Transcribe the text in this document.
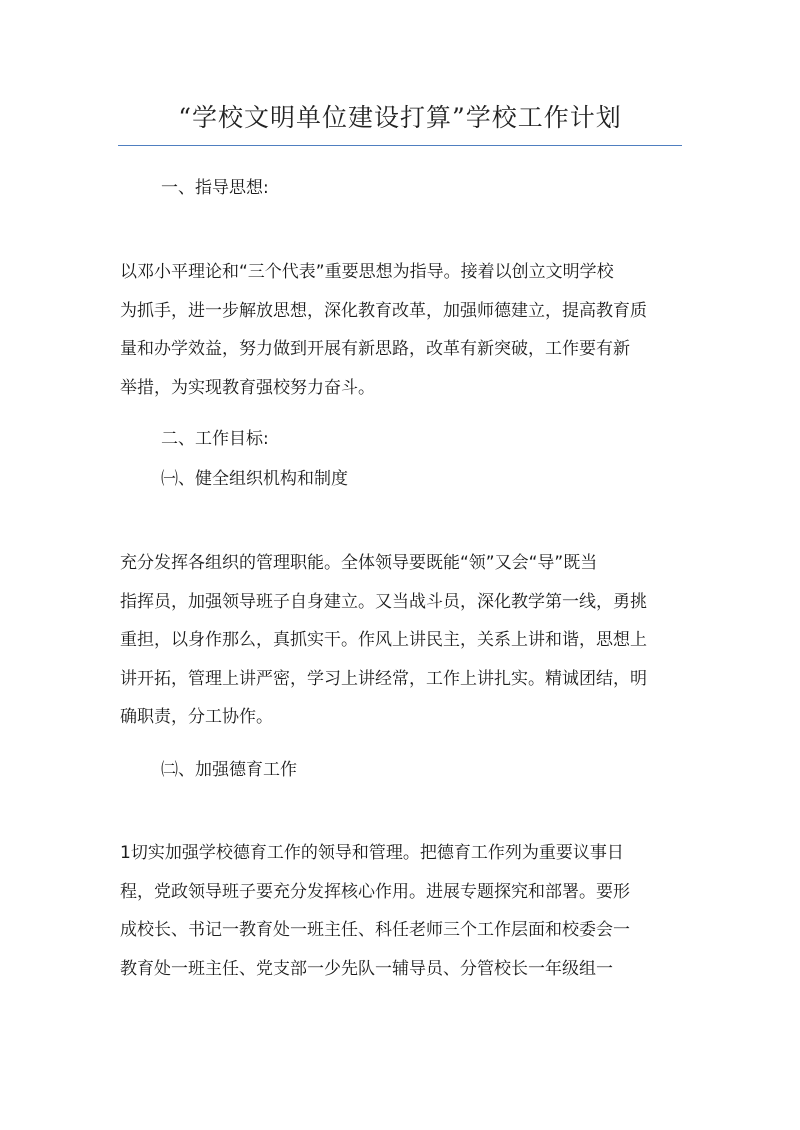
“学校文明单位建设打算”学校工作计划
一、指导思想:
以邓小平理论和“三个代表”重要思想为指导。接着以创立文明学校
为抓手，进一步解放思想，深化教育改革，加强师德建立，提高教育质
量和办学效益，努力做到开展有新思路，改革有新突破，工作要有新
举措，为实现教育强校努力奋斗。
二、工作目标:
㈠、健全组织机构和制度
充分发挥各组织的管理职能。全体领导要既能“领”又会“导”既当
指挥员，加强领导班子自身建立。又当战斗员，深化教学第一线，勇挑
重担，以身作那么，真抓实干。作风上讲民主，关系上讲和谐，思想上
讲开拓，管理上讲严密，学习上讲经常，工作上讲扎实。精诚团结，明
确职责，分工协作。
㈡、加强德育工作
1切实加强学校德育工作的领导和管理。把德育工作列为重要议事日
程，党政领导班子要充分发挥核心作用。进展专题探究和部署。要形
成校长、书记一教育处一班主任、科任老师三个工作层面和校委会一
教育处一班主任、党支部一少先队一辅导员、分管校长一年级组一
